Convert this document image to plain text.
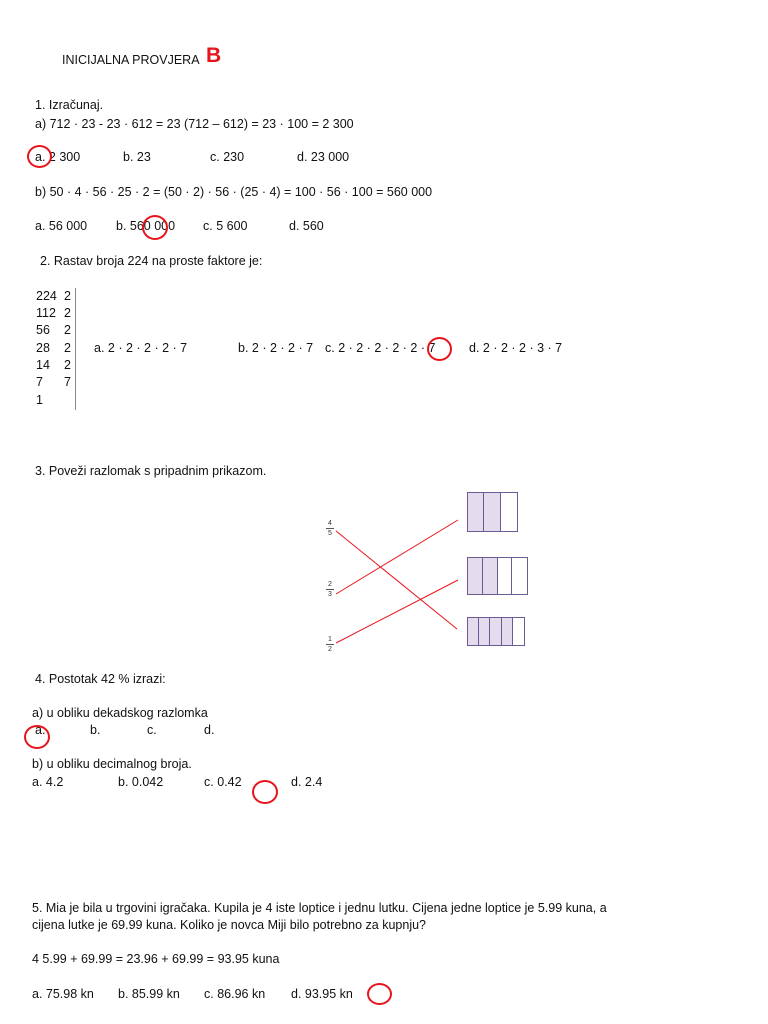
INICIJALNA PROVJERA B
1. Izračunaj.
a) 712 · 23 - 23 · 612 = 23 (712 – 612) = 23 · 100 = 2 300
a. 2 300	b. 23	c. 230	d. 23 000
b) 50 · 4 · 56 · 25 · 2 = (50 · 2) · 56 · (25 · 4) = 100 · 56 · 100 = 560 000
a. 56 000 b. 560 000 c. 5 600	d. 560
2. Rastav broja 224 na proste faktore je:
224 2
112 2
56 2
28 2
14 2
7 7
1
a. 2 · 2 · 2 · 2 · 7	b. 2 · 2 · 2 · 7 c. 2 · 2 · 2 · 2 · 2 · 7	d. 2 · 2 · 2 · 3 · 7
3. Poveži razlomak s pripadnim prikazom.
4
5
2
3
1
2
4. Postotak 42 % izrazi:
a) u obliku dekadskog razlomka
a.	b.	c.	d.
b) u obliku decimalnog broja.
a. 4.2	b. 0.042	c. 0.42	d. 2.4
5. Mia je bila u trgovini igračaka. Kupila je 4 iste loptice i jednu lutku. Cijena jedne loptice je 5.99 kuna, a
cijena lutke je 69.99 kuna. Koliko je novca Miji bilo potrebno za kupnju?
4 5.99 + 69.99 = 23.96 + 69.99 = 93.95 kuna
a. 75.98 kn b. 85.99 kn c. 86.96 kn d. 93.95 kn
